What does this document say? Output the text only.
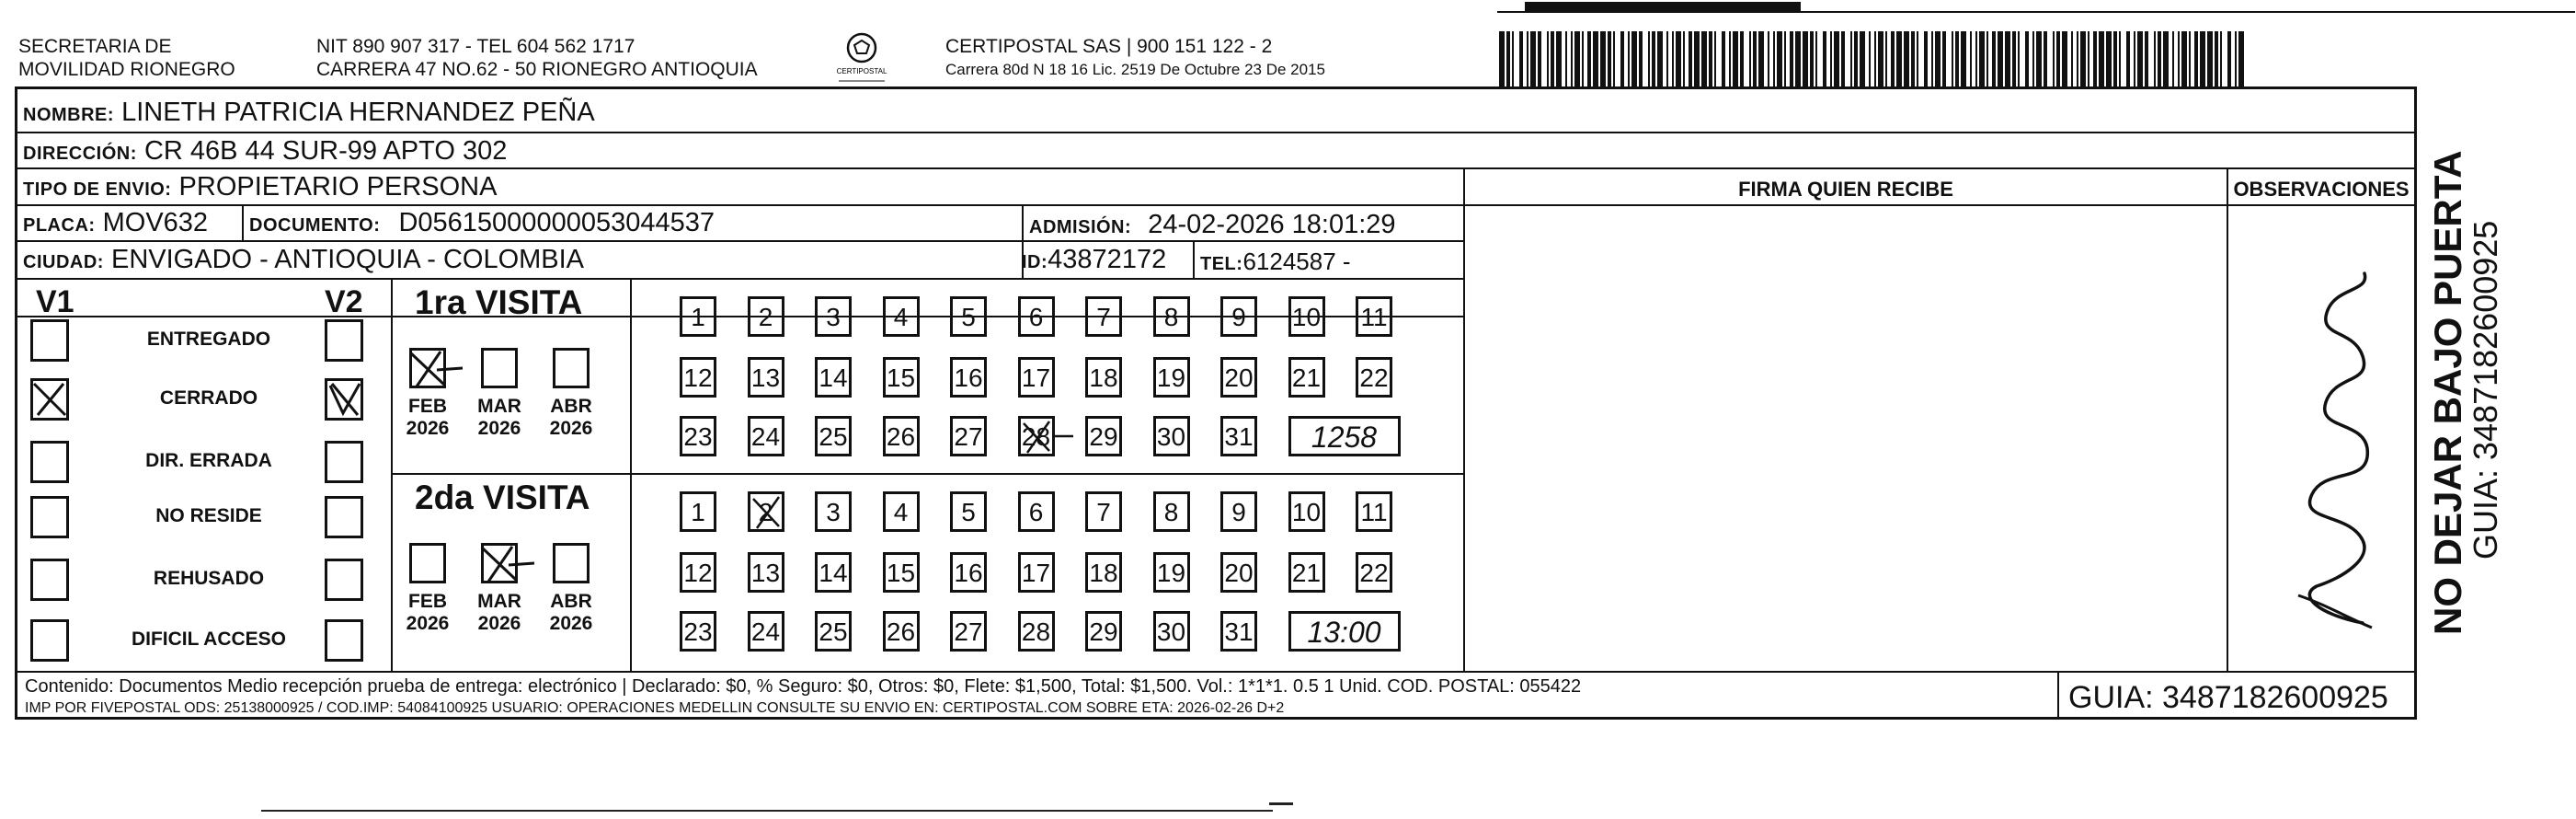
SECRETARIA DE
MOVILIDAD RIONEGRO
NIT 890 907 317 - TEL 604 562 1717
CARRERA 47 NO.62 - 50 RIONEGRO ANTIOQUIA	CERTIPOSTAL
CERTIPOSTAL SAS | 900 151 122 - 2
Carrera 80d N 18 16 Lic. 2519 De Octubre 23 De 2015
NOMBRE: LINETH PATRICIA HERNANDEZ PEÑA
DIRECCIÓN: CR 46B 44 SUR-99 APTO 302
TIPO DE ENVIO: PROPIETARIO PERSONA	FIRMA QUIEN RECIBE	OBSERVACIONES
PLACA: MOV632 DOCUMENTO: D05615000000053044537	ADMISIÓN: 24-02-2026 18:01:29
CIUDAD: ENVIGADO - ANTIOQUIA - COLOMBIA	ID:43872172 TEL:6124587 -
V1	V2
ENTREGADO
CERRADO
DIR. ERRADA
NO RESIDE
REHUSADO
DIFICIL ACCESO
1ra VISITA
FEB
2026
MAR
2026
ABR
2026
1	2	3	4	5	6	7	8	9	10 11
12 13 14 15 16 17 18 19 20 21 22
23 24 25 26 27 28 29 30 31	1258
2da VISITA
FEB
2026
MAR
2026
ABR
2026
1	2	3	4	5	6	7	8	9	10 11
12 13 14 15 16 17 18 19 20 21 22
23 24 25 26 27 28 29 30 31	13:00
Contenido: Documentos Medio recepción prueba de entrega: electrónico | Declarado: $0, % Seguro: $0, Otros: $0, Flete: $1,500, Total: $1,500. Vol.: 1*1*1. 0.5 1 Unid. COD. POSTAL: 055422
IMP POR FIVEPOSTAL ODS: 25138000925 / COD.IMP: 54084100925 USUARIO: OPERACIONES MEDELLIN CONSULTE SU ENVIO EN: CERTIPOSTAL.COM SOBRE ETA: 2026-02-26 D+2	GUIA: 3487182600925
NO DEJAR BAJO PUERTA
GUIA: 3487182600925
